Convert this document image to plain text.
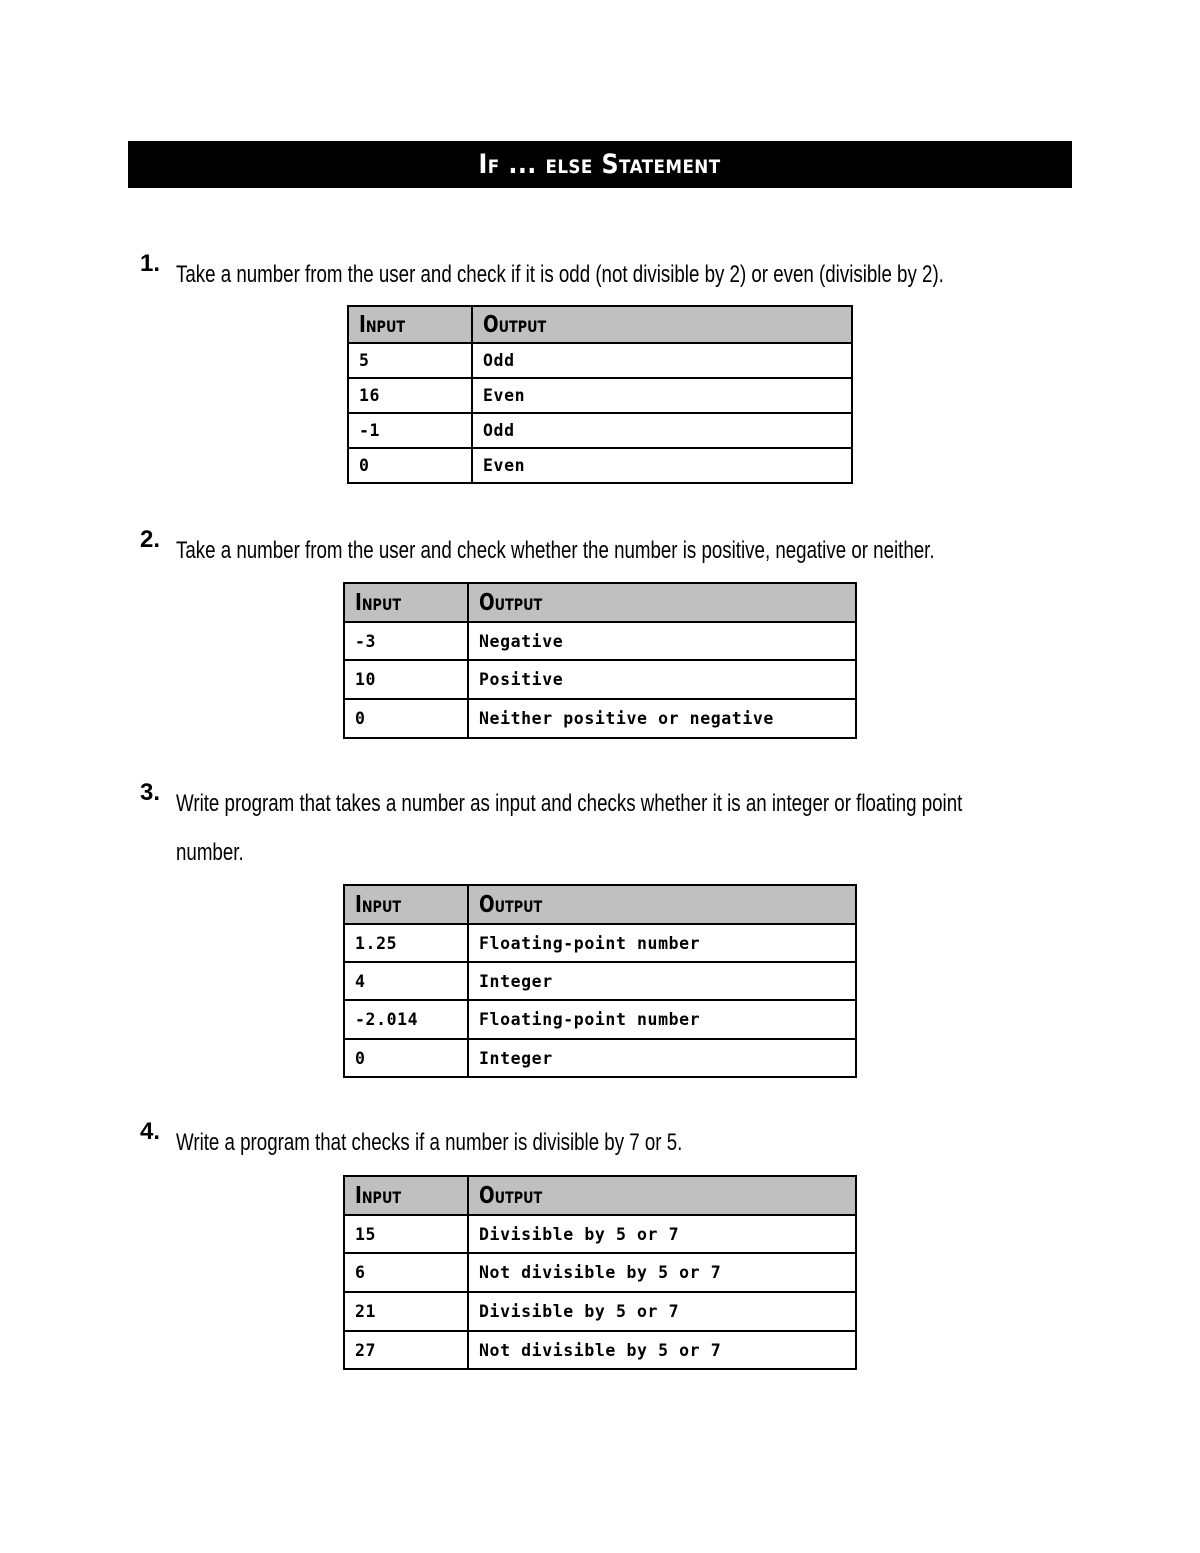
If ... else Statement
1. Take a number from the user and check if it is odd (not divisible by 2) or even (divisible by 2).
Input	Output
5	Odd
16	Even
-1	Odd
0	Even
2. Take a number from the user and check whether the number is positive, negative or neither.
Input	Output
-3	Negative
10	Positive
0	Neither positive or negative
3. Write program that takes a number as input and checks whether it is an integer or floating point number.
Input	Output
1.25	Floating-point number
4	Integer
-2.014	Floating-point number
0	Integer
4. Write a program that checks if a number is divisible by 7 or 5.
Input	Output
15	Divisible by 5 or 7
6	Not divisible by 5 or 7
21	Divisible by 5 or 7
27	Not divisible by 5 or 7
